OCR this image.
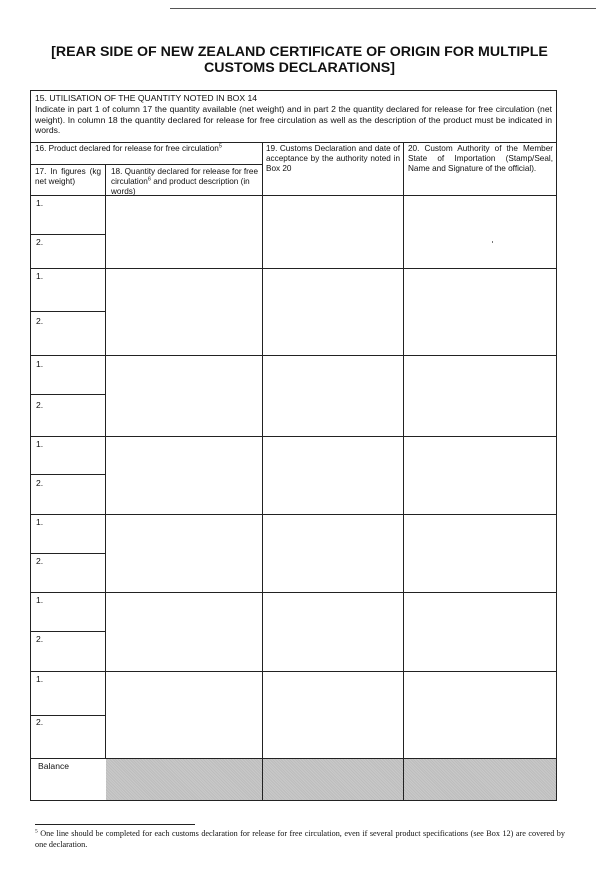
[REAR SIDE OF NEW ZEALAND CERTIFICATE OF ORIGIN FOR MULTIPLE
CUSTOMS DECLARATIONS]
15. UTILISATION OF THE QUANTITY NOTED IN BOX 14
Indicate in part 1 of column 17 the quantity available (net weight) and in part 2 the quantity declared for release for free circulation (net weight). In column 18 the quantity declared for release for free circulation as well as the description of the product must be indicated in words.
16. Product declared for release for free circulation$^5$
17. In figures (kg net weight)
18. Quantity declared for release for free circulation$^6$ and product description (in words)
19. Customs Declaration and date of acceptance by the authority noted in Box 20
20. Custom Authority of the Member State of Importation (Stamp/Seal, Name and Signature of the official).
1.
2.
1.
2.
1.
2.
1.
2.
1.
2.
1.
2.
1.
2.
Balance
$^5$ One line should be completed for each customs declaration for release for free circulation, even if several product specifications (see Box 12) are covered by one declaration.
